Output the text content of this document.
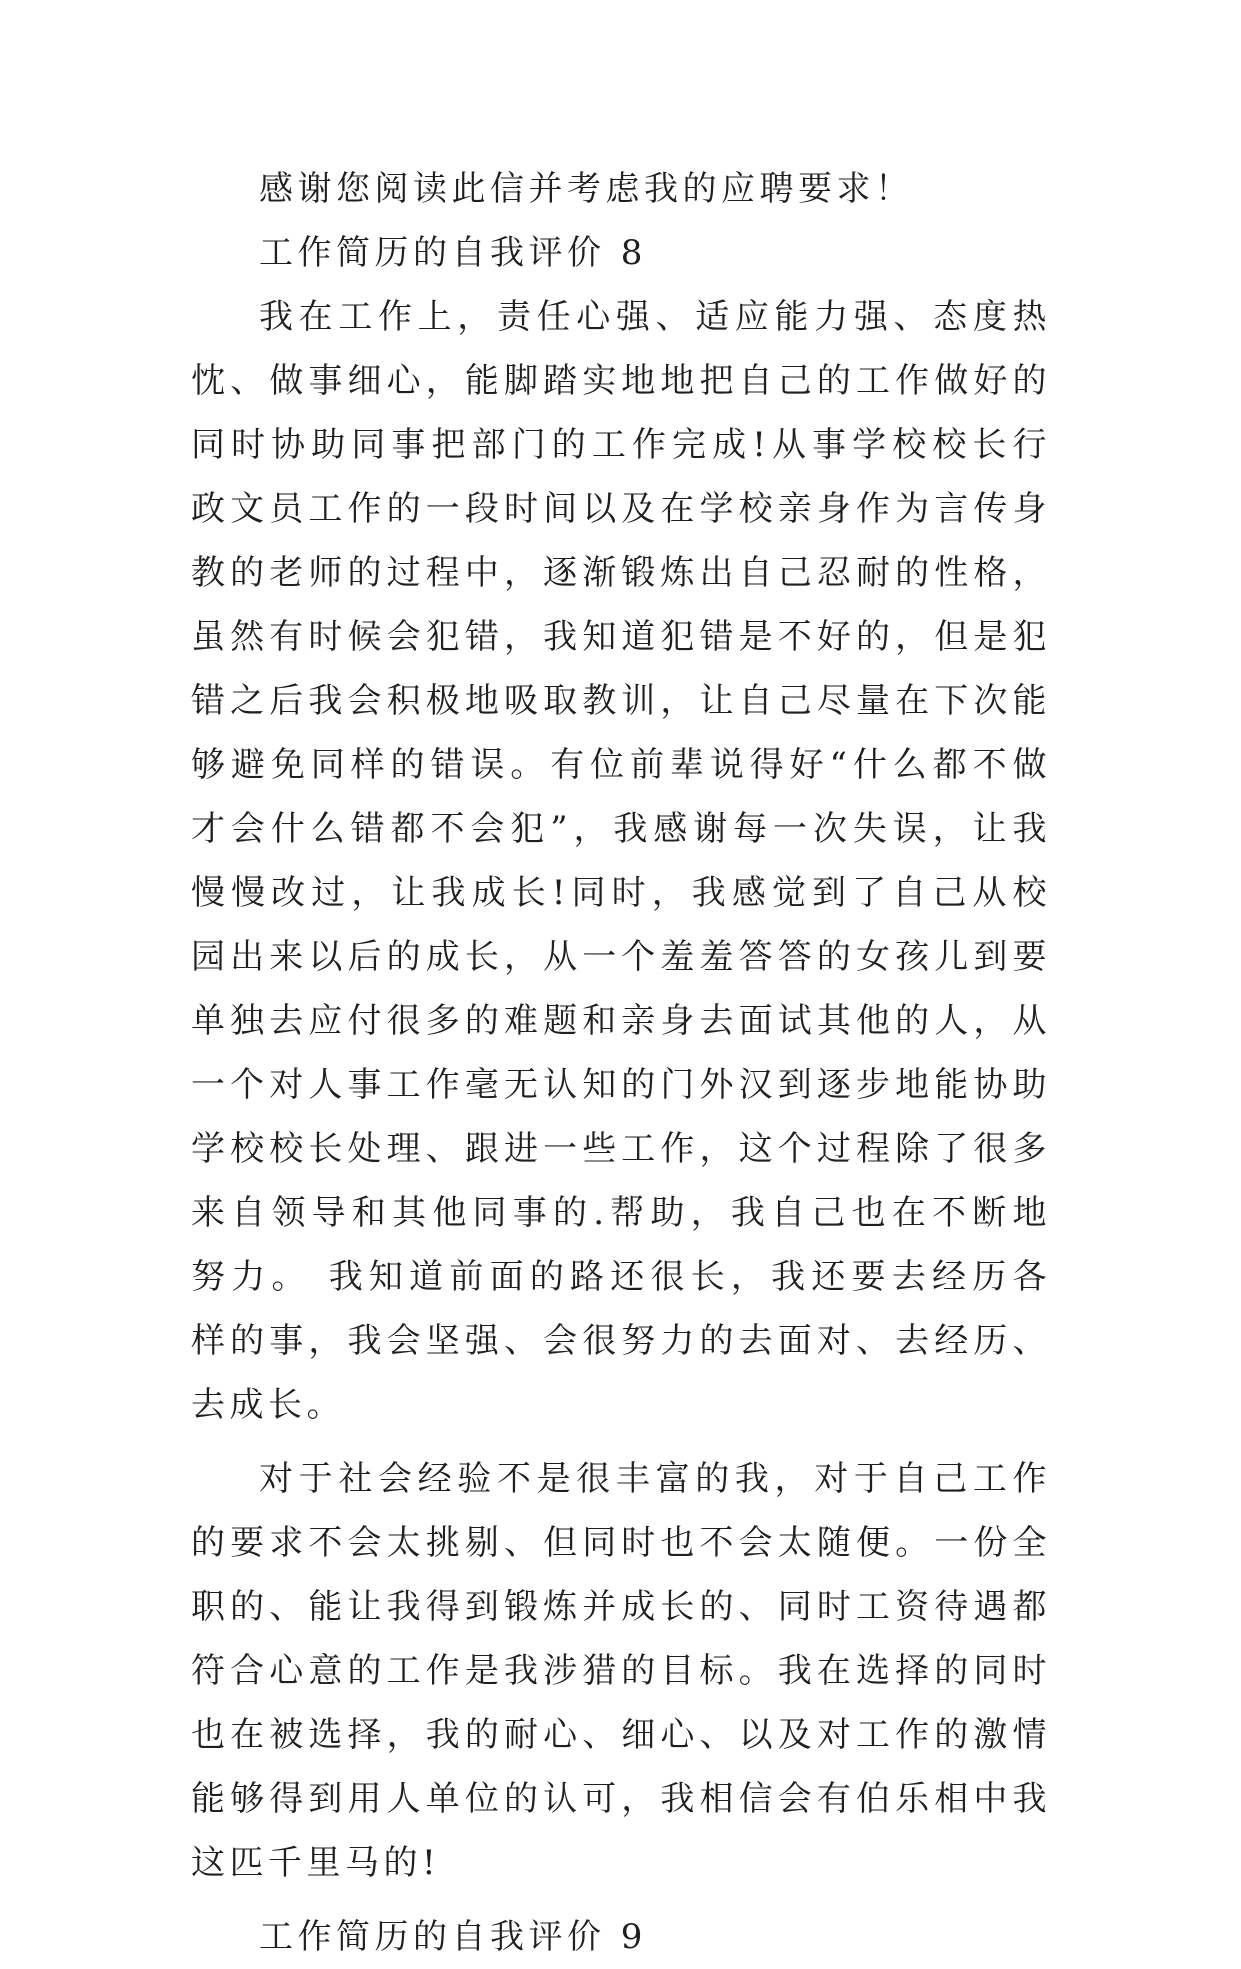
感谢您阅读此信并考虑我的应聘要求！

工作简历的自我评价 8

我在工作上，责任心强、适应能力强、态度热忱、做事细心，能脚踏实地地把自己的工作做好的同时协助同事把部门的工作完成!从事学校校长行政文员工作的一段时间以及在学校亲身作为言传身教的老师的过程中，逐渐锻炼出自己忍耐的性格，虽然有时候会犯错，我知道犯错是不好的，但是犯错之后我会积极地吸取教训，让自己尽量在下次能够避免同样的错误。有位前辈说得好“什么都不做才会什么错都不会犯”，我感谢每一次失误，让我慢慢改过，让我成长!同时，我感觉到了自己从校园出来以后的成长，从一个羞羞答答的女孩儿到要单独去应付很多的难题和亲身去面试其他的人，从一个对人事工作毫无认知的门外汉到逐步地能协助学校校长处理、跟进一些工作，这个过程除了很多来自领导和其他同事的.帮助，我自己也在不断地努力。 我知道前面的路还很长，我还要去经历各样的事，我会坚强、会很努力的去面对、去经历、去成长。

对于社会经验不是很丰富的我，对于自己工作的要求不会太挑剔、但同时也不会太随便。一份全职的、能让我得到锻炼并成长的、同时工资待遇都符合心意的工作是我涉猎的目标。我在选择的同时也在被选择，我的耐心、细心、以及对工作的激情能够得到用人单位的认可，我相信会有伯乐相中我这匹千里马的!

工作简历的自我评价 9
